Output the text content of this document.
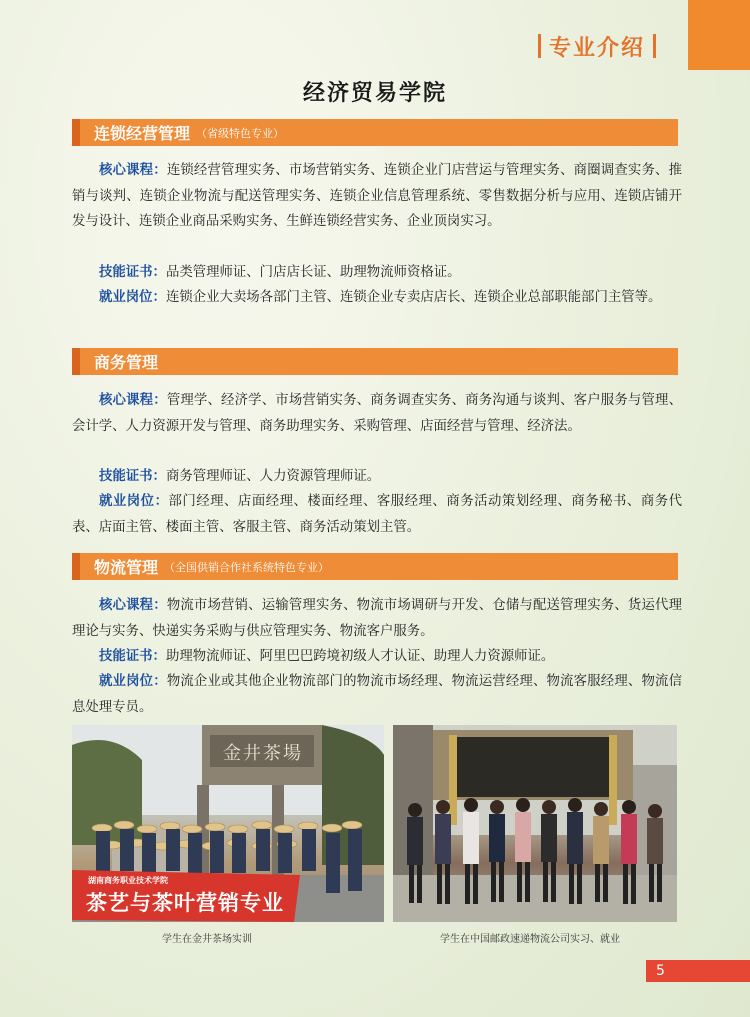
专业介绍
经济贸易学院
连锁经营管理 （省级特色专业）
核心课程：连锁经营管理实务、市场营销实务、连锁企业门店营运与管理实务、商圈调查实务、推销与谈判、连锁企业物流与配送管理实务、连锁企业信息管理系统、零售数据分析与应用、连锁店铺开发与设计、连锁企业商品采购实务、生鲜连锁经营实务、企业顶岗实习。
技能证书：品类管理师证、门店店长证、助理物流师资格证。
就业岗位：连锁企业大卖场各部门主管、连锁企业专卖店店长、连锁企业总部职能部门主管等。
商务管理
核心课程：管理学、经济学、市场营销实务、商务调查实务、商务沟通与谈判、客户服务与管理、会计学、人力资源开发与管理、商务助理实务、采购管理、店面经营与管理、经济法。
技能证书：商务管理师证、人力资源管理师证。
就业岗位：部门经理、店面经理、楼面经理、客服经理、商务活动策划经理、商务秘书、商务代表、店面主管、楼面主管、客服主管、商务活动策划主管。
物流管理 （全国供销合作社系统特色专业）
核心课程：物流市场营销、运输管理实务、物流市场调研与开发、仓储与配送管理实务、货运代理理论与实务、快递实务采购与供应管理实务、物流客户服务。
技能证书：助理物流师证、阿里巴巴跨境初级人才认证、助理人力资源师证。
就业岗位：物流企业或其他企业物流部门的物流市场经理、物流运营经理、物流客服经理、物流信息处理专员。
金井茶場
湖南商务职业技术学院
茶艺与茶叶营销专业
学生在金井茶场实训	学生在中国邮政速递物流公司实习、就业
5
